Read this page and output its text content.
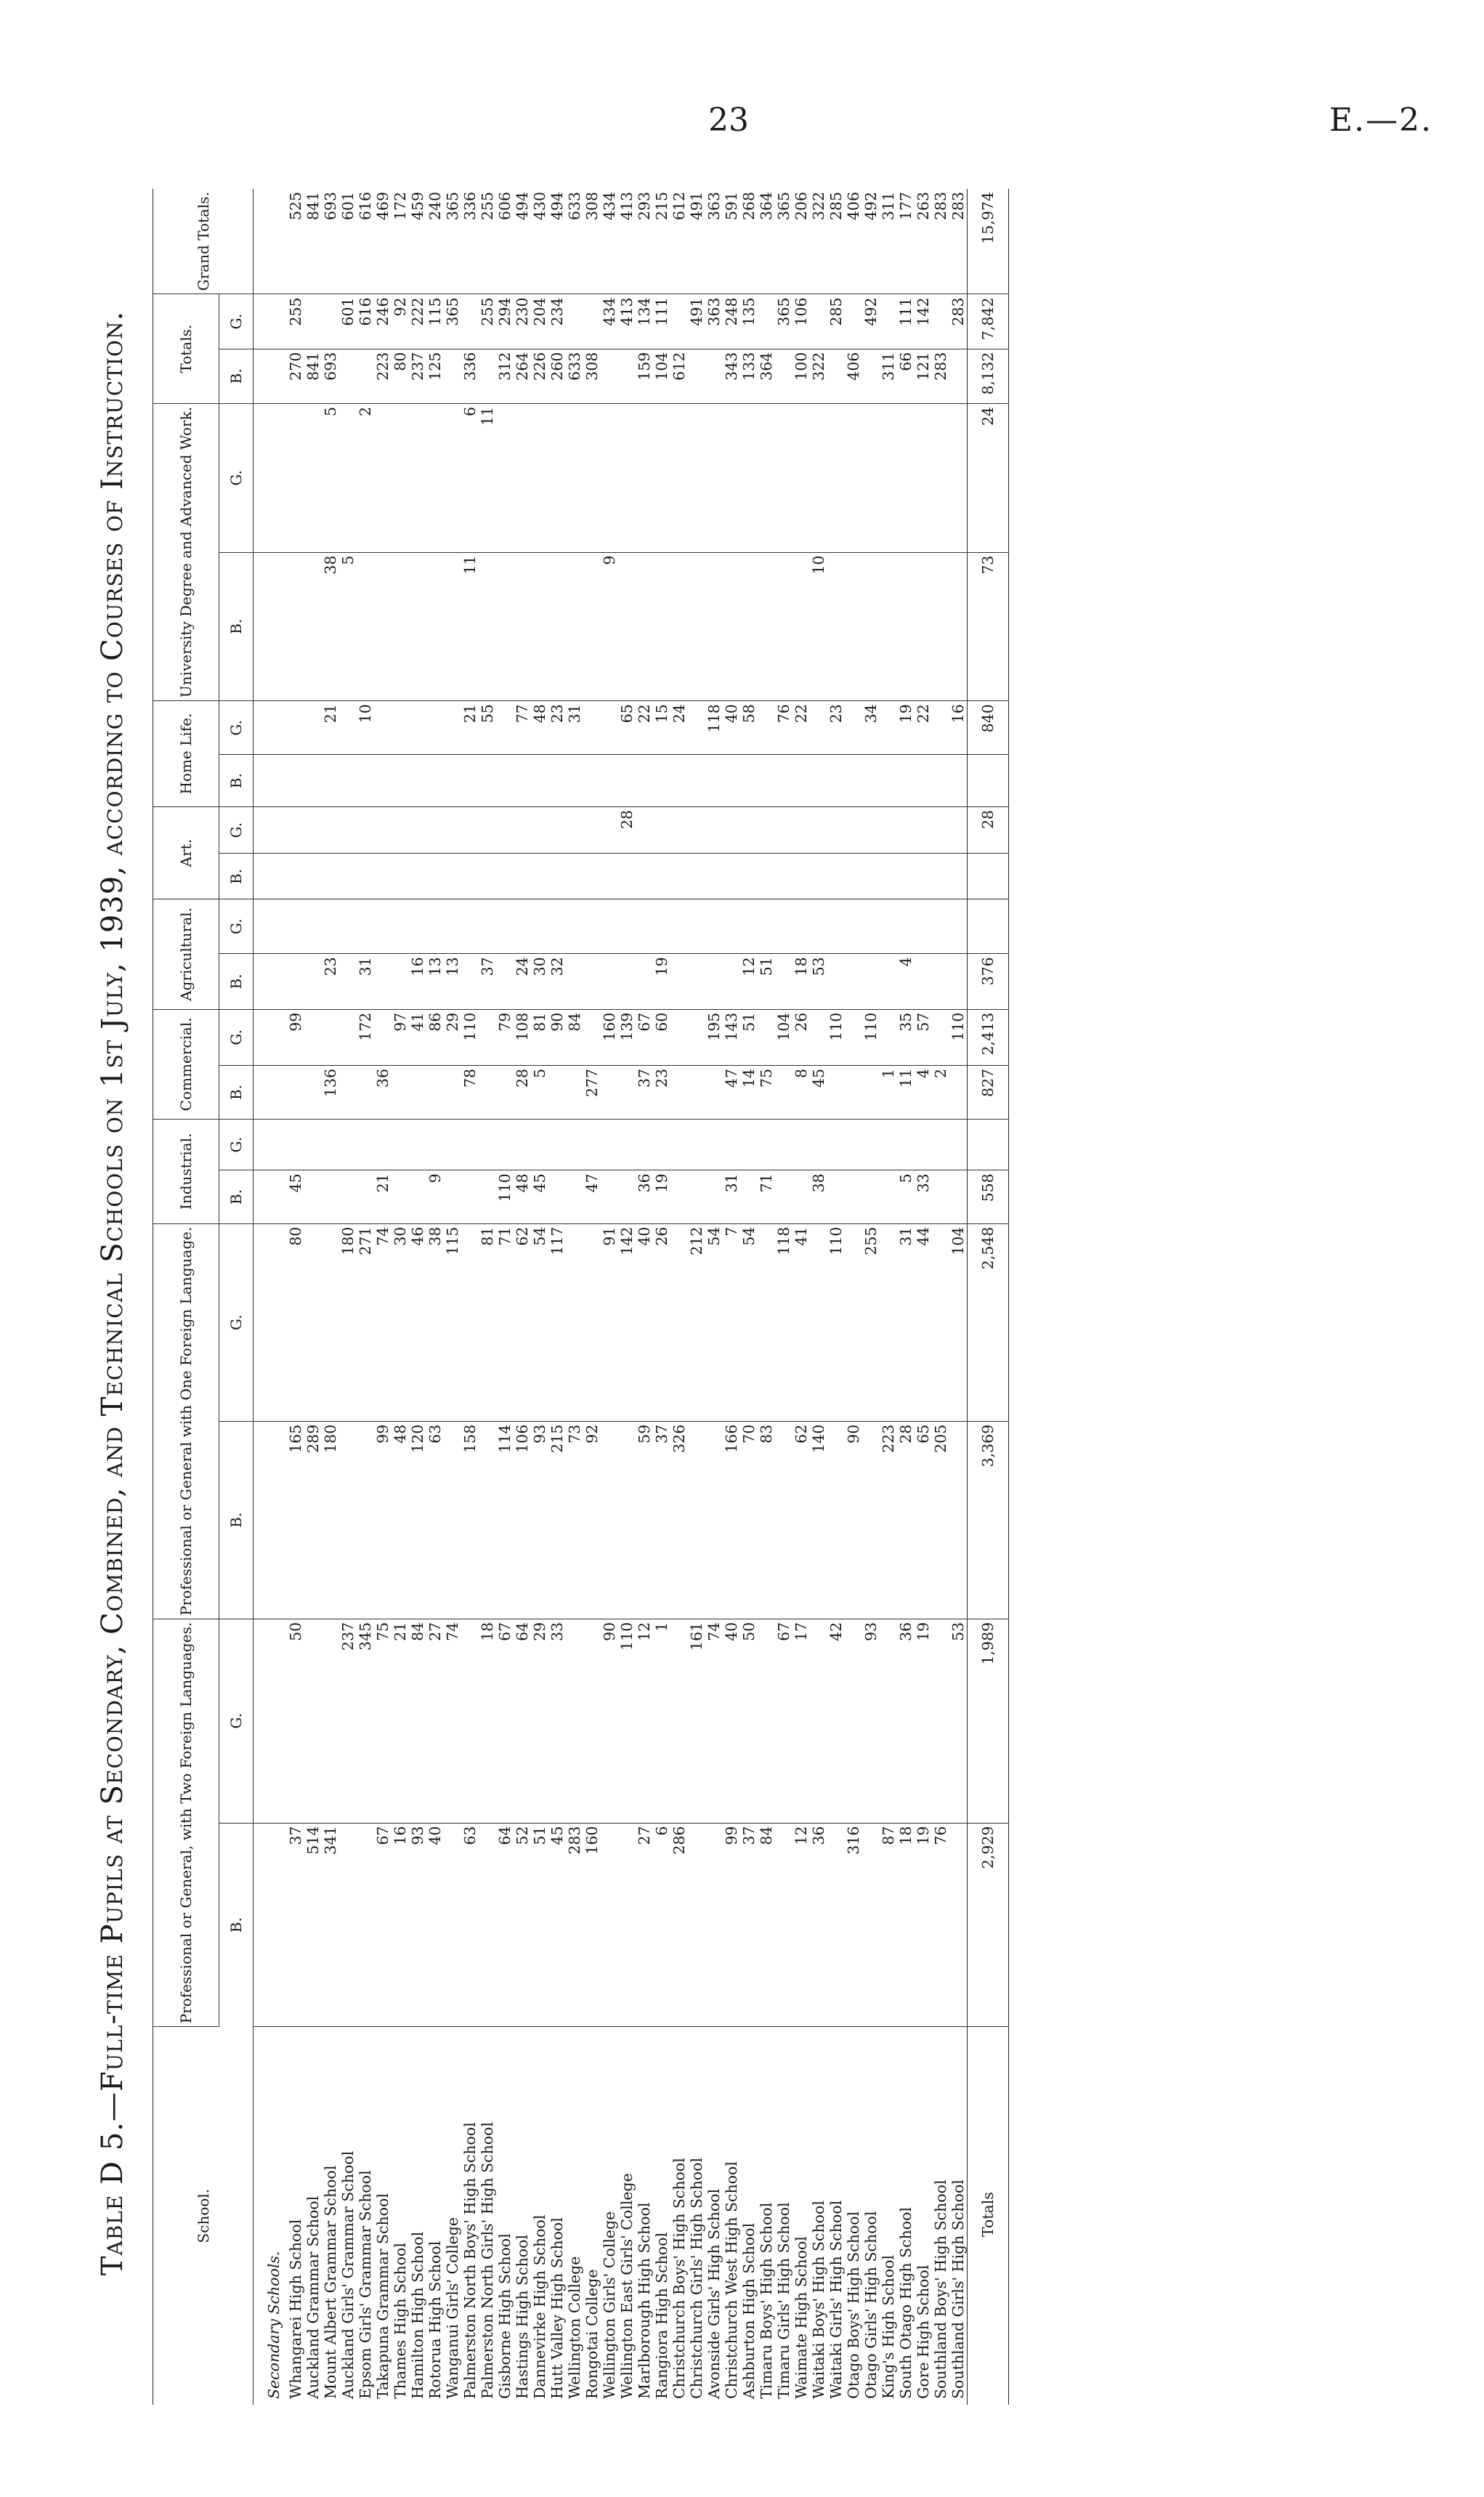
23	E.—2.
Table D 5.—
Full-time Pupils at Secondary, Combined, and Technical Schools on 1st July, 1939, according to Courses of Instruction.
School.	Professional or General, with Two Foreign Languages.		Professional or General with One Foreign Language.		Industrial.		Commercial.		Agricultural.		Art.		Home Life.		University Degree and Advanced Work.		Totals.		Grand Totals.
	B.	G.	B.	G.	B.	G.	B.	G.	B.	G.	B.	G.	B.	G.	B.	G.	B.	G.	
Secondary Schools.																			
Whangarei High School	37	50	165	80	45			99									270	255	525
Auckland Grammar School	514		289														841		841
Mount Albert Grammar School	341		180				136		23					21	38	5	693		693
Auckland Girls' Grammar School		237		180											5			601	601
Epsom Girls' Grammar School		345		271				172	31					10		2		616	616
Takapuna Grammar School	67	75	99	74	21		36										223	246	469
Thames High School	16	21	48	30				97									80	92	172
Hamilton High School	93	84	120	46				41	16								237	222	459
Rotorua High School	40	27	63	38	9			86	13								125	115	240
Wanganui Girls' College		74		115				29	13									365	365
Palmerston North Boys' High School	63		158				78	110						21	11	6	336		336
Palmerston North Girls' High School		18		81					37					55		11		255	255
Gisborne High School	64	67	114	71	110			79									312	294	606
Hastings High School	52	64	106	62	48		28	108	24					77			264	230	494
Dannevirke High School	51	29	93	54	45		5	81	30					48			226	204	430
Hutt Valley High School	45	33	215	117				90	32					23			260	234	494
Wellington College	283		73					84						31			633		633
Rongotai College	160		92		47		277										308		308
Wellington Girls' College		90		91				160							9			434	434
Wellington East Girls' College		110		142				139				28		65				413	413
Marlborough High School	27	12	59	40	36		37	67						22			159	134	293
Rangiora High School	6	1	37	26	19		23	60	19					15			104	111	215
Christchurch Boys' High School	286		326											24			612		612
Christchurch Girls' High School		161		212														491	491
Avonside Girls' High School		74		54				195						118				363	363
Christchurch West High School	99	40	166	7	31		47	143						40			343	248	591
Ashburton High School	37	50	70	54			14	51	12					58			133	135	268
Timaru Boys' High School	84		83		71		75		51								364		364
Timaru Girls' High School		67		118				104						76				365	365
Waimate High School	12	17	62	41			8	26	18					22			100	106	206
Waitaki Boys' High School	36		140		38		45		53						10		322		322
Waitaki Girls' High School		42		110				110						23				285	285
Otago Boys' High School	316		90														406		406
Otago Girls' High School		93		255				110						34				492	492
King's High School	87		223				1										311		311
South Otago High School	18	36	28	31	5		11	35	4					19			66	111	177
Gore High School	19	19	65	44	33		4	57						22			121	142	263
Southland Boys' High School	76		205				2										283		283
Southland Girls' High School		53		104				110						16				283	283
Totals	2,929	1,989	3,369	2,548	558		827	2,413	376			28		840	73	24	8,132	7,842	15,974
